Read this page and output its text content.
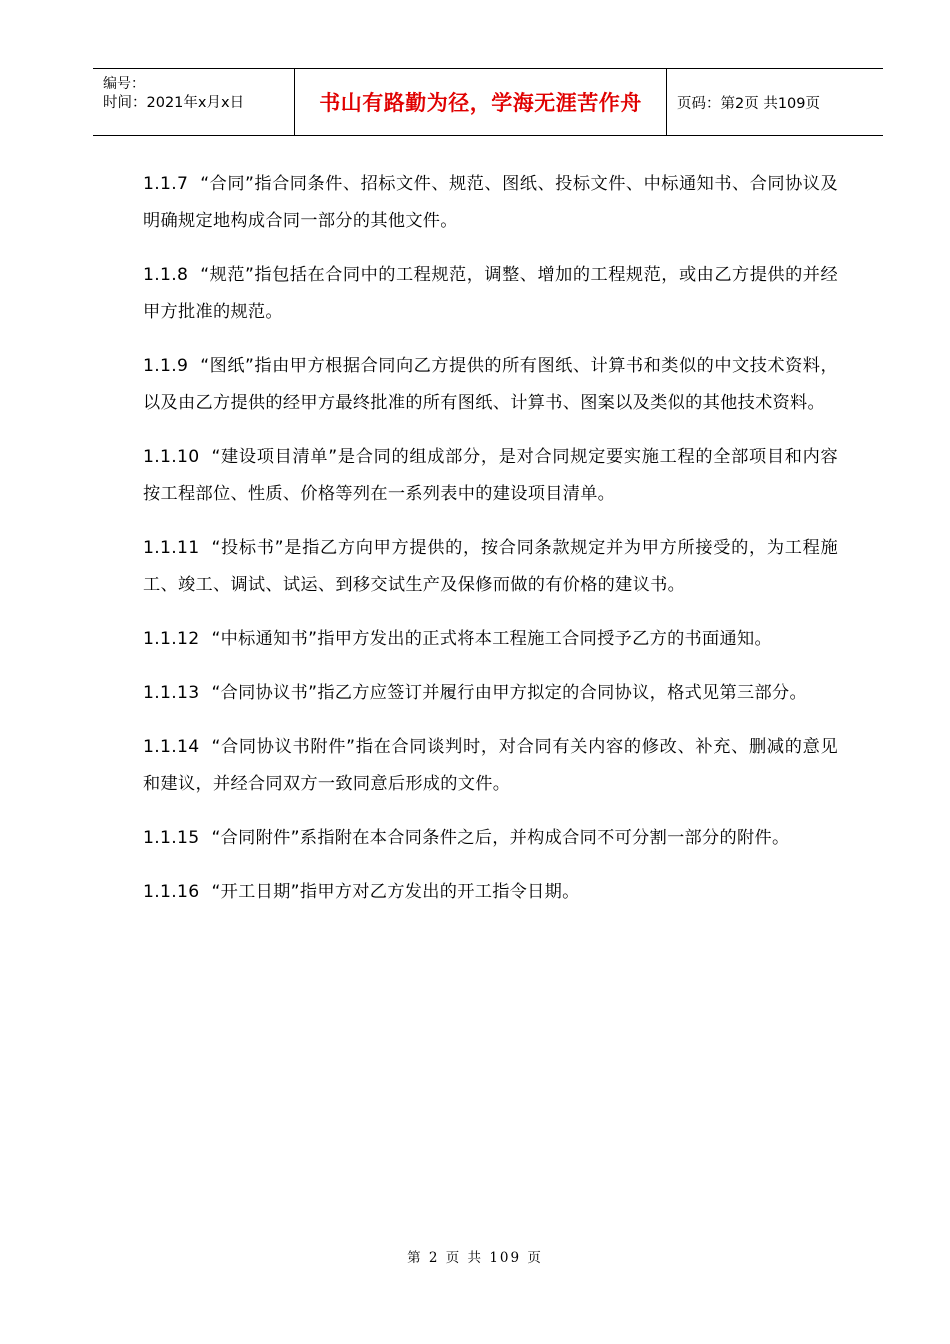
编号：
时间：2021年x月x日	书山有路勤为径，学海无涯苦作舟 页码：第2页 共109页

1.1.7 “合同”指合同条件、招标文件、规范、图纸、投标文件、中标通知书、合同协议及明确规定地构成合同一部分的其他文件。

1.1.8 “规范”指包括在合同中的工程规范，调整、增加的工程规范，或由乙方提供的并经甲方批准的规范。

1.1.9 “图纸”指由甲方根据合同向乙方提供的所有图纸、计算书和类似的中文技术资料，以及由乙方提供的经甲方最终批准的所有图纸、计算书、图案以及类似的其他技术资料。

1.1.10 “建设项目清单”是合同的组成部分，是对合同规定要实施工程的全部项目和内容按工程部位、性质、价格等列在一系列表中的建设项目清单。

1.1.11 “投标书”是指乙方向甲方提供的，按合同条款规定并为甲方所接受的，为工程施工、竣工、调试、试运、到移交试生产及保修而做的有价格的建议书。

1.1.12 “中标通知书”指甲方发出的正式将本工程施工合同授予乙方的书面通知。

1.1.13 “合同协议书”指乙方应签订并履行由甲方拟定的合同协议，格式见第三部分。

1.1.14 “合同协议书附件”指在合同谈判时，对合同有关内容的修改、补充、删减的意见和建议，并经合同双方一致同意后形成的文件。

1.1.15 “合同附件”系指附在本合同条件之后，并构成合同不可分割一部分的附件。

1.1.16 “开工日期”指甲方对乙方发出的开工指令日期。

第 2 页 共 109 页
